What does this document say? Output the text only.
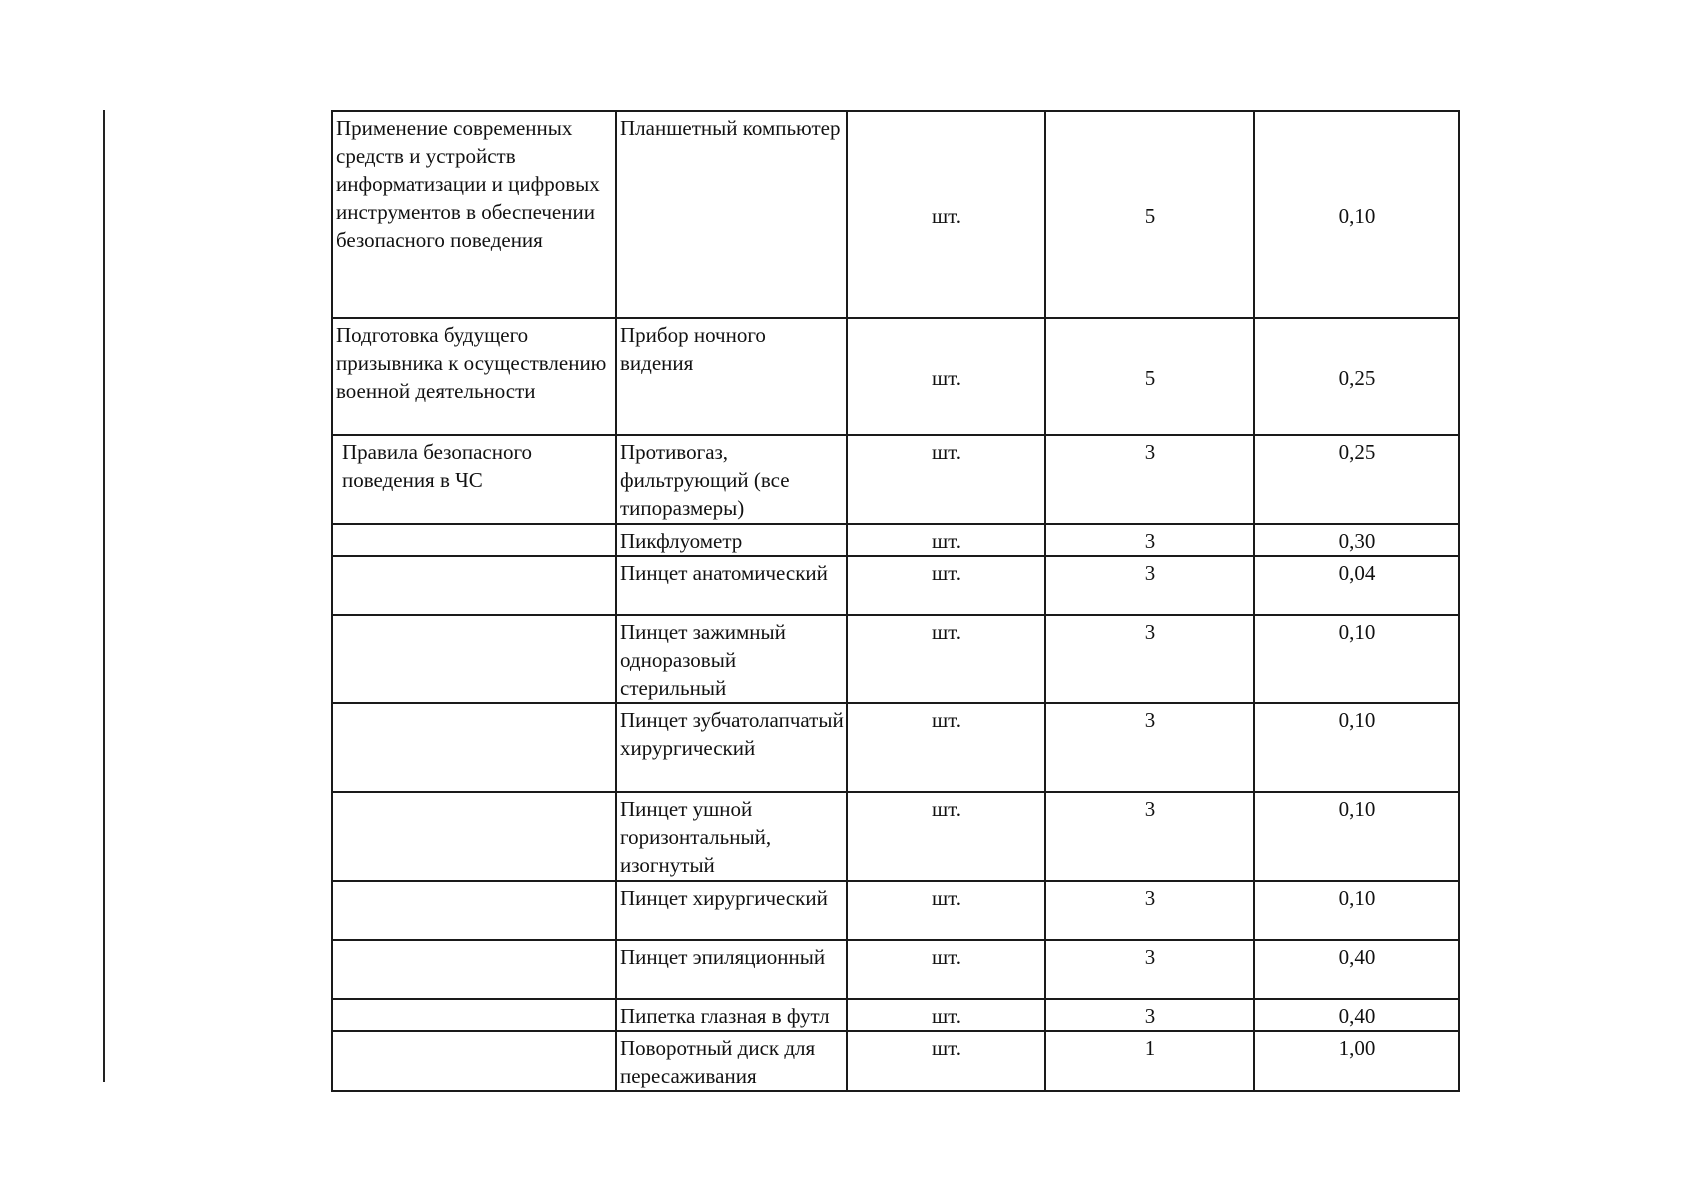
Применение современных средств и устройств информатизации и цифровых инструментов в обеспечении безопасного поведения	Планшетный компьютер	шт.	5	0,10
Подготовка будущего призывника к осуществлению военной деятельности	Прибор ночного видения	шт.	5	0,25
Правила безопасного поведения в ЧС	Противогаз, фильтрующий (все типоразмеры)	шт.	3	0,25
	Пикфлуометр	шт.	3	0,30
	Пинцет анатомический	шт.	3	0,04
	Пинцет зажимный одноразовый стерильный	шт.	3	0,10
	Пинцет зубчатолапчатый хирургический	шт.	3	0,10
	Пинцет ушной горизонтальный, изогнутый	шт.	3	0,10
	Пинцет хирургический	шт.	3	0,10
	Пинцет эпиляционный	шт.	3	0,40
	Пипетка глазная в футл	шт.	3	0,40
	Поворотный диск для пересаживания	шт.	1	1,00
